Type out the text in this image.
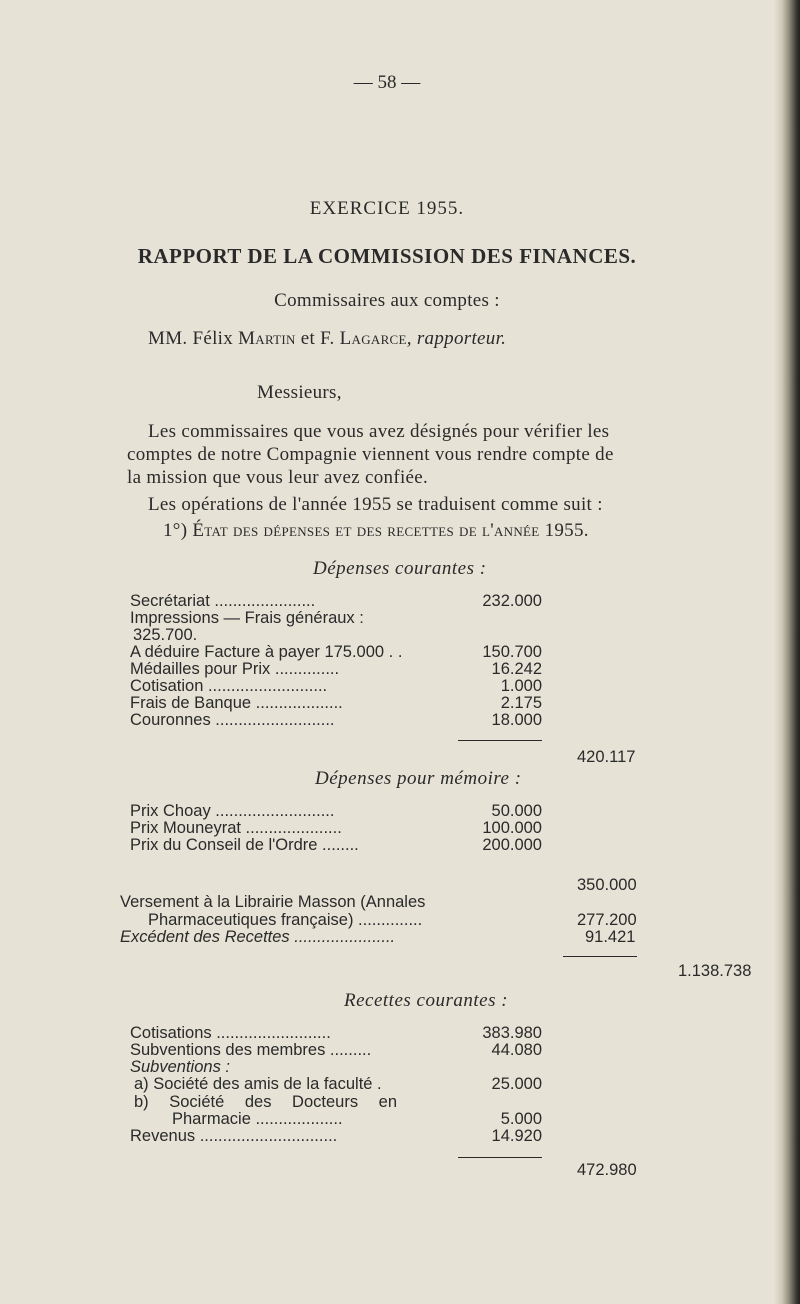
— 58 —
EXERCICE 1955.
RAPPORT DE LA COMMISSION DES FINANCES.
Commissaires aux comptes :
MM. Félix Martin et F. Lagarce, rapporteur.
Messieurs,
Les commissaires que vous avez désignés pour vérifier les
comptes de notre Compagnie viennent vous rendre compte de
la mission que vous leur avez confiée.
Les opérations de l'année 1955 se traduisent comme suit :
1°) État des dépenses et des recettes de l'année 1955.
Dépenses courantes :
Secrétariat ......................	232.000
Impressions — Frais généraux :
325.700.
A déduire Facture à payer 175.000 . .	150.700
Médailles pour Prix ..............	16.242
Cotisation ..........................	1.000
Frais de Banque ...................	2.175
Couronnes ..........................	18.000
420.117
Dépenses pour mémoire :
Prix Choay ..........................	50.000
Prix Mouneyrat .....................	100.000
Prix du Conseil de l'Ordre ........	200.000
350.000
Versement à la Librairie Masson (Annales
Pharmaceutiques française) ..............	277.200
Excédent des Recettes ......................	91.421
1.138.738
Recettes courantes :
Cotisations .........................	383.980
Subventions des membres .........	44.080
Subventions :
a) Société des amis de la faculté .	25.000
b) Société des Docteurs en
Pharmacie ...................	5.000
Revenus ..............................	14.920
472.980
